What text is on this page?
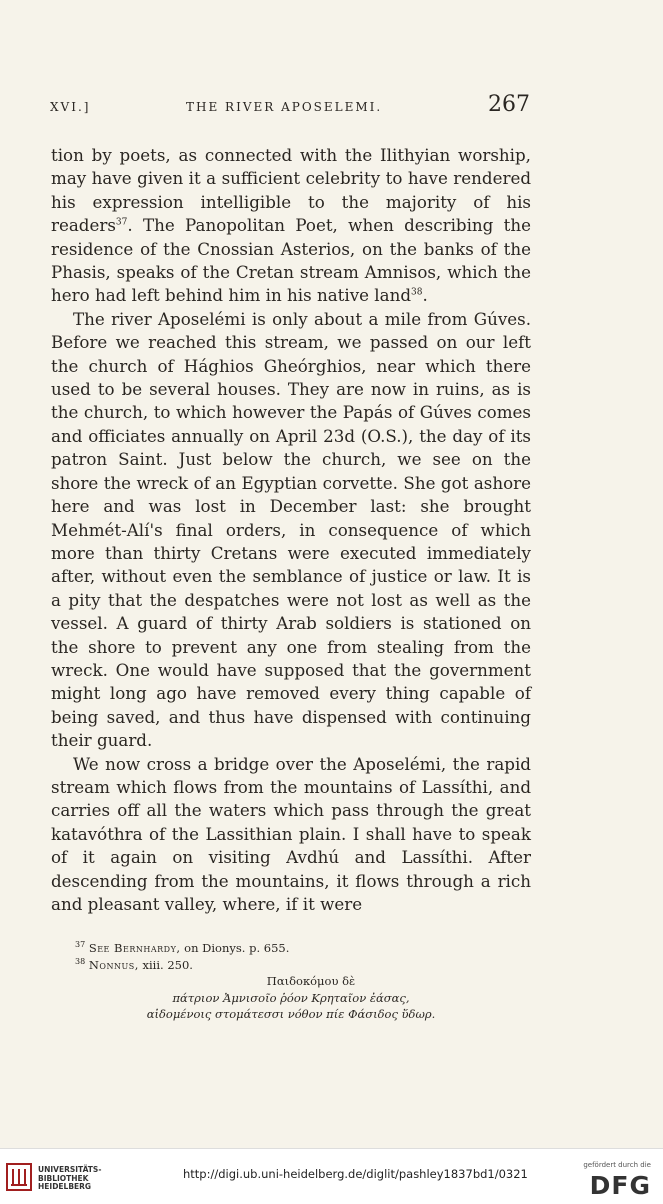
XVI.]	THE RIVER APOSELEMI.	267

tion by poets, as connected with the Ilithyian worship, may have given it a sufficient celebrity to have rendered his expression intelligible to the majority of his readers$^{37}$. The Panopolitan Poet, when describing the residence of the Cnossian Asterios, on the banks of the Phasis, speaks of the Cretan stream Amnisos, which the hero had left behind him in his native land$^{38}$.

The river Aposelémi is only about a mile from Gúves. Before we reached this stream, we passed on our left the church of Hághios Gheórghios, near which there used to be several houses. They are now in ruins, as is the church, to which however the Papás of Gúves comes and officiates annually on April 23d (O.S.), the day of its patron Saint. Just below the church, we see on the shore the wreck of an Egyptian corvette. She got ashore here and was lost in December last: she brought Mehmét-Alí's final orders, in consequence of which more than thirty Cretans were executed immediately after, without even the semblance of justice or law. It is a pity that the despatches were not lost as well as the vessel. A guard of thirty Arab soldiers is stationed on the shore to prevent any one from stealing from the wreck. One would have supposed that the government might long ago have removed every thing capable of being saved, and thus have dispensed with continuing their guard.

We now cross a bridge over the Aposelémi, the rapid stream which flows from the mountains of Lassíthi, and carries off all the waters which pass through the great katavóthra of the Lassithian plain. I shall have to speak of it again on visiting Avdhú and Lassíthi. After descending from the mountains, it flows through a rich and pleasant valley, where, if it were

$^{37}$ See Bernhardy, on Dionys. p. 655.

$^{38}$ Nonnus, xiii. 250.

Παιδοκόμου δὲ
πάτριον Ἀμνισοῖο ῥόον Κρηταῖον ἐάσας,
αἰδομένοις στομάτεσσι νόθον πίε Φάσιδος ὕδωρ.
UNIVERSITÄTS-
BIBLIOTHEK
HEIDELBERG
http://digi.ub.uni-heidelberg.de/diglit/pashley1837bd1/0321
gefördert durch die
DFG
